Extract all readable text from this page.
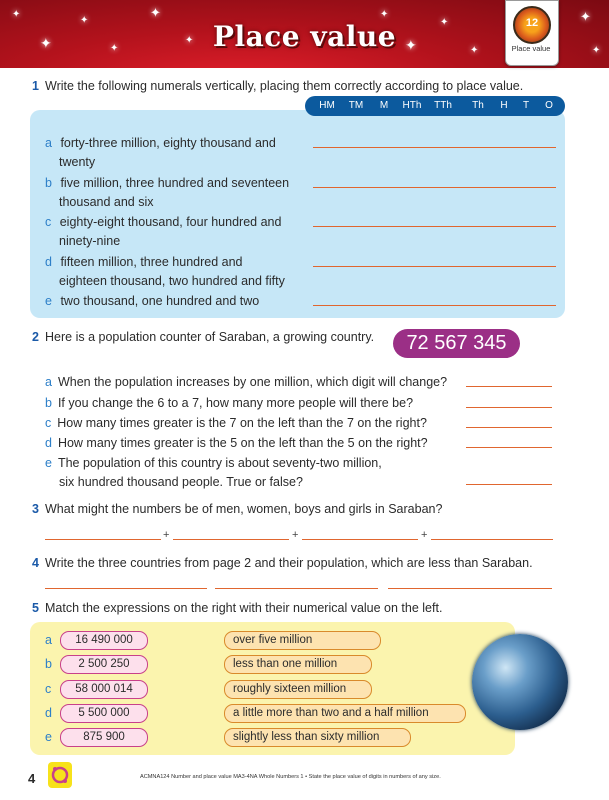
✦
✦
✦
✦
✦
✦
✦
✦
✦
✦
✦
✦
Place value	12
Place value
1 Write the following numerals vertically, placing them correctly according to place value.
HM	TM	M	HTh	TTh	Th	H	T	O
a forty-three million, eighty thousand and
twenty
b five million, three hundred and seventeen
thousand and six
c eighty-eight thousand, four hundred and
ninety-nine
d fifteen million, three hundred and
eighteen thousand, two hundred and fifty
e two thousand, one hundred and two
2 Here is a population counter of Saraban, a growing country.	72 567 345
a When the population increases by one million, which digit will change?
b If you change the 6 to a 7, how many more people will there be?
c How many times greater is the 7 on the left than the 7 on the right?
d How many times greater is the 5 on the left than the 5 on the right?
e The population of this country is about seventy-two million,
six hundred thousand people. True or false?
3 What might the numbers be of men, women, boys and girls in Saraban?
+	+	+
4 Write the three countries from page 2 and their population, which are less than Saraban.
5 Match the expressions on the right with their numerical value on the left.
a	16 490 000	over five million
b	2 500 250	less than one million
c	58 000 014	roughly sixteen million
d	5 500 000	a little more than two and a half million
e	875 900	slightly less than sixty million
4	ACMNA124 Number and place value MA3-4NA Whole Numbers 1 • State the place value of digits in numbers of any size.
